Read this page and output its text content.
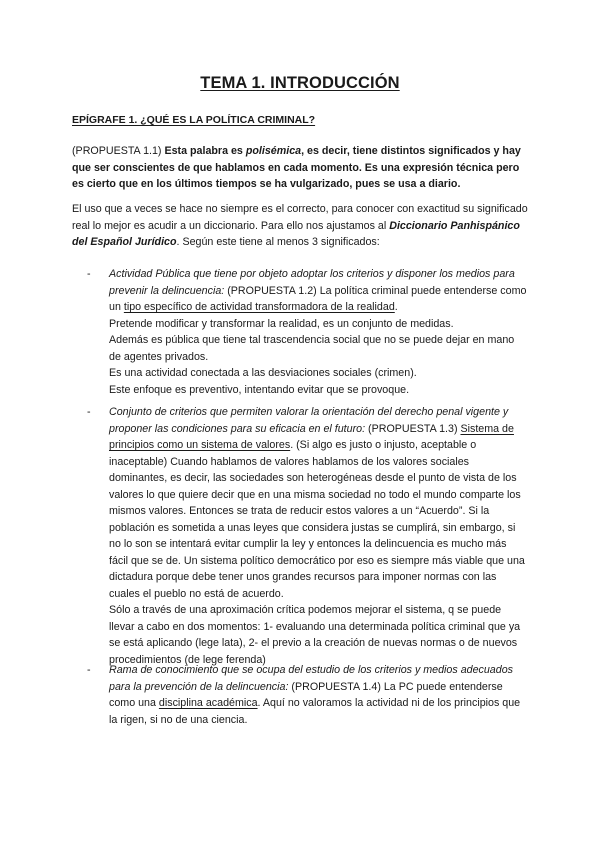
TEMA 1. INTRODUCCIÓN
EPÍGRAFE 1. ¿QUÉ ES LA POLÍTICA CRIMINAL?

(PROPUESTA 1.1) Esta palabra es polisémica, es decir, tiene distintos significados y hay que ser conscientes de que hablamos en cada momento. Es una expresión técnica pero es cierto que en los últimos tiempos se ha vulgarizado, pues se usa a diario.

El uso que a veces se hace no siempre es el correcto, para conocer con exactitud su significado real lo mejor es acudir a un diccionario. Para ello nos ajustamos al Diccionario Panhispánico del Español Jurídico. Según este tiene al menos 3 significados:

- Actividad Pública que tiene por objeto adoptar los criterios y disponer los medios para prevenir la delincuencia: (PROPUESTA 1.2) La política criminal puede entenderse como un tipo específico de actividad transformadora de la realidad.
Pretende modificar y transformar la realidad, es un conjunto de medidas.
Además es pública que tiene tal trascendencia social que no se puede dejar en mano de agentes privados.
Es una actividad conectada a las desviaciones sociales (crimen).
Este enfoque es preventivo, intentando evitar que se provoque.
- Conjunto de criterios que permiten valorar la orientación del derecho penal vigente y proponer las condiciones para su eficacia en el futuro: (PROPUESTA 1.3) Sistema de principios como un sistema de valores. (Si algo es justo o injusto, aceptable o inaceptable) Cuando hablamos de valores hablamos de los valores sociales dominantes, es decir, las sociedades son heterogéneas desde el punto de vista de los valores lo que quiere decir que en una misma sociedad no todo el mundo comparte los mismos valores. Entonces se trata de reducir estos valores a un “Acuerdo”. Si la población es sometida a unas leyes que considera justas se cumplirá, sin embargo, si no lo son se intentará evitar cumplir la ley y entonces la delincuencia es mucho más fácil que se de. Un sistema político democrático por eso es siempre más viable que una dictadura porque debe tener unos grandes recursos para imponer normas con las cuales el pueblo no está de acuerdo.
Sólo a través de una aproximación crítica podemos mejorar el sistema, q se puede llevar a cabo en dos momentos: 1- evaluando una determinada política criminal que ya se está aplicando (lege lata), 2- el previo a la creación de nuevas normas o de nuevos procedimientos (de lege ferenda)
- Rama de conocimiento que se ocupa del estudio de los criterios y medios adecuados para la prevención de la delincuencia: (PROPUESTA 1.4) La PC puede entenderse como una disciplina académica. Aquí no valoramos la actividad ni de los principios que la rigen, si no de una ciencia.
